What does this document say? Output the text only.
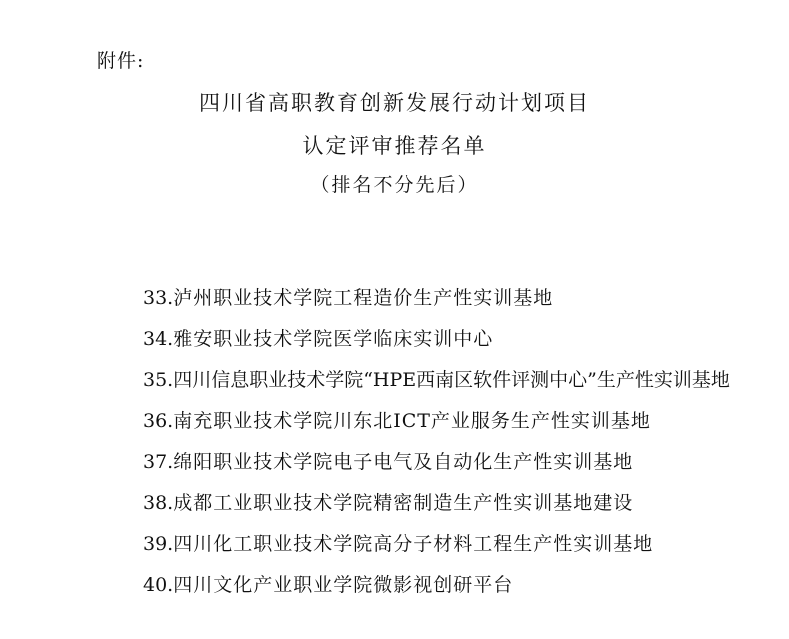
附件:
四川省高职教育创新发展行动计划项目
认定评审推荐名单
（排名不分先后）
33. 泸州职业技术学院工程造价生产性实训基地
34. 雅安职业技术学院医学临床实训中心
35. 四川信息职业技术学院“HPE西南区软件评测中心”生产性实训基地
36. 南充职业技术学院川东北ICT产业服务生产性实训基地
37. 绵阳职业技术学院电子电气及自动化生产性实训基地
38. 成都工业职业技术学院精密制造生产性实训基地建设
39. 四川化工职业技术学院高分子材料工程生产性实训基地
40. 四川文化产业职业学院微影视创研平台
